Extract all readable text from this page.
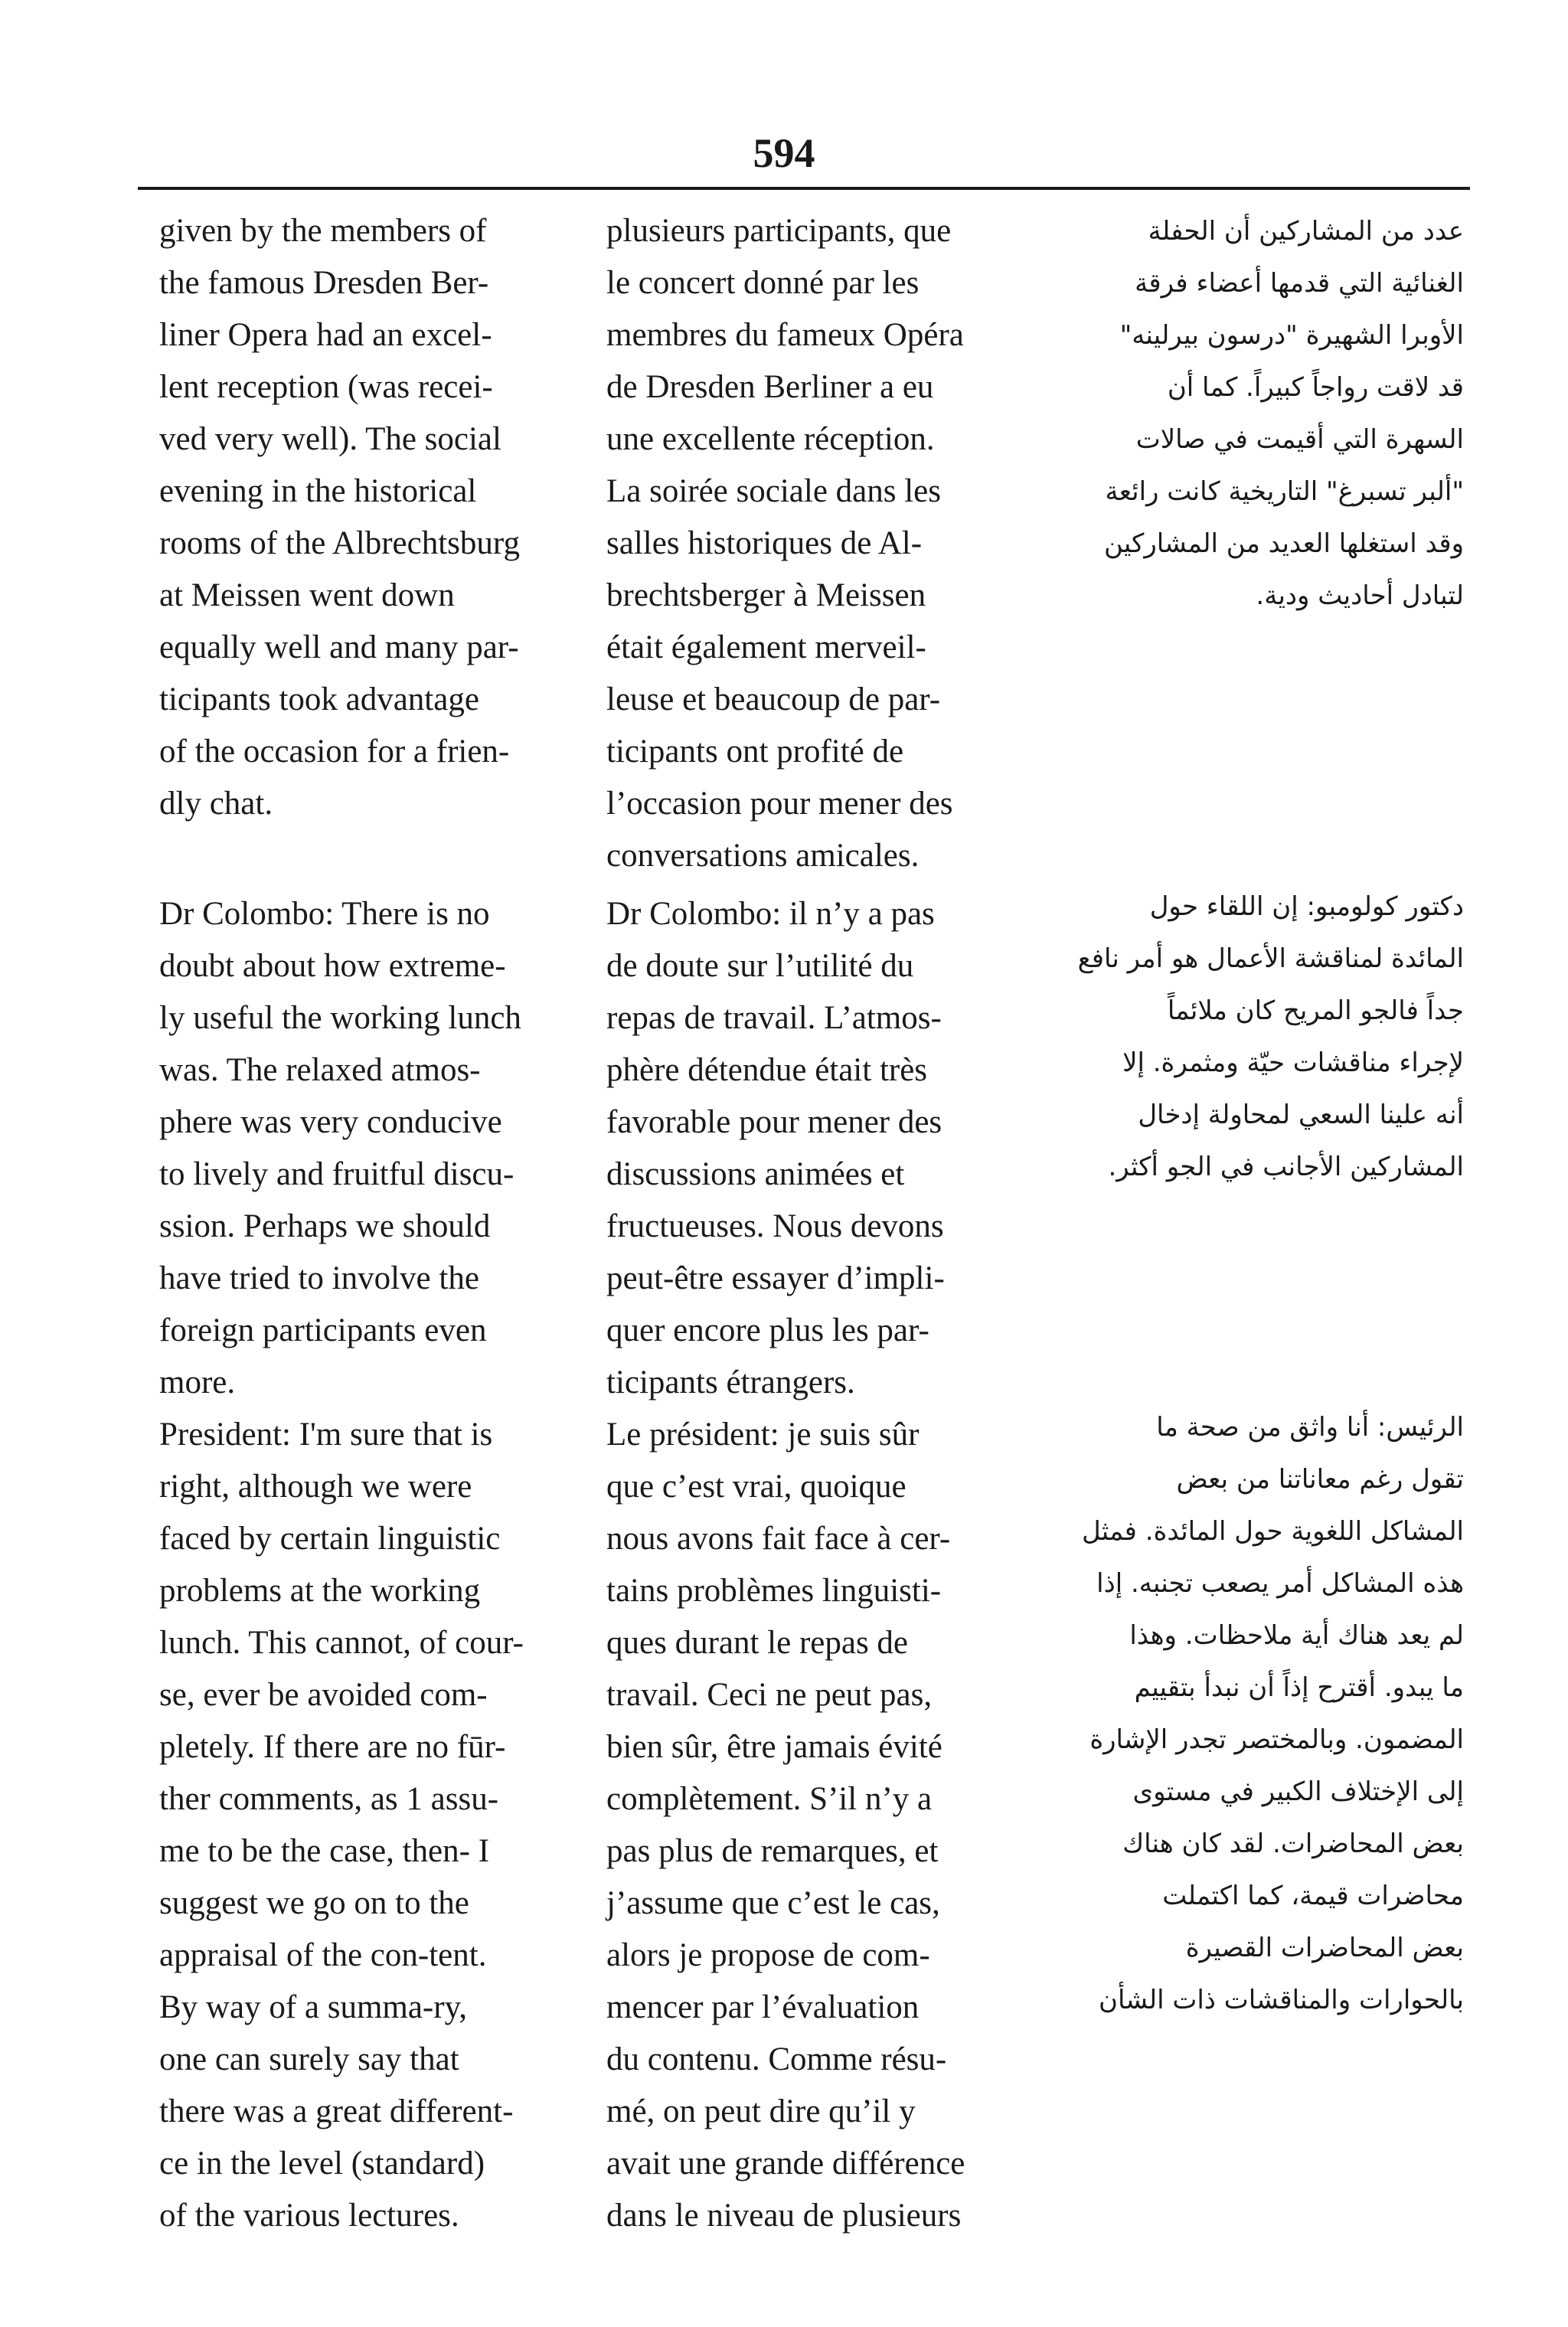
594

given by the members of
the famous Dresden Ber-
liner Opera had an excel-
lent reception (was recei-
ved very well). The social
evening in the historical
rooms of the Albrechtsburg
at Meissen went down
equally well and many par-
ticipants took advantage
of the occasion for a frien-
dly chat.

Dr Colombo: There is no
doubt about how extreme-
ly useful the working lunch
was. The relaxed atmos-
phere was very conducive
to lively and fruitful discu-
ssion. Perhaps we should
have tried to involve the
foreign participants even
more.

President: I'm sure that is
right, although we were
faced by certain linguistic
problems at the working
lunch. This cannot, of cour-
se, ever be avoided com-
pletely. If there are no fūr-
ther comments, as 1 assu-
me to be the case, then- I
suggest we go on to the
appraisal of the con-tent.
By way of a summa-ry,
one can surely say that
there was a great different-
ce in the level (standard)
of the various lectures.

plusieurs participants, que
le concert donné par les
membres du fameux Opéra
de Dresden Berliner a eu
une excellente réception.
La soirée sociale dans les
salles historiques de Al-
brechtsberger à Meissen
était également merveil-
leuse et beaucoup de par-
ticipants ont profité de
l’occasion pour mener des
conversations amicales.

Dr Colombo: il n’y a pas
de doute sur l’utilité du
repas de travail. L’atmos-
phère détendue était très
favorable pour mener des
discussions animées et
fructueuses. Nous devons
peut-être essayer d’impli-
quer encore plus les par-
ticipants étrangers.

Le président: je suis sûr
que c’est vrai, quoique
nous avons fait face à cer-
tains problèmes linguisti-
ques durant le repas de
travail. Ceci ne peut pas,
bien sûr, être jamais évité
complètement. S’il n’y a
pas plus de remarques, et
j’assume que c’est le cas,
alors je propose de com-
mencer par l’évaluation
du contenu. Comme résu-
mé, on peut dire qu’il y
avait une grande différence
dans le niveau de plusieurs

عدد من المشاركين أن الحفلة
الغنائية التي قدمها أعضاء فرقة
الأوبرا الشهيرة "درسون بيرلينه"
قد لاقت رواجاً كبيراً. كما أن
السهرة التي أقيمت في صالات
"ألبر تسبرغ" التاريخية كانت رائعة
وقد استغلها العديد من المشاركين
لتبادل أحاديث ودية.

دكتور كولومبو: إن اللقاء حول
المائدة لمناقشة الأعمال هو أمر نافع
جداً فالجو المريح كان ملائماً
لإجراء مناقشات حيّة ومثمرة. إلا
أنه علينا السعي لمحاولة إدخال
المشاركين الأجانب في الجو أكثر.

الرئيس: أنا واثق من صحة ما
تقول رغم معاناتنا من بعض
المشاكل اللغوية حول المائدة. فمثل
هذه المشاكل أمر يصعب تجنبه. إذا
لم يعد هناك أية ملاحظات. وهذا
ما يبدو. أقترح إذاً أن نبدأ بتقييم
المضمون. وبالمختصر تجدر الإشارة
إلى الإختلاف الكبير في مستوى
بعض المحاضرات. لقد كان هناك
محاضرات قيمة، كما اكتملت
بعض المحاضرات القصيرة
بالحوارات والمناقشات ذات الشأن
